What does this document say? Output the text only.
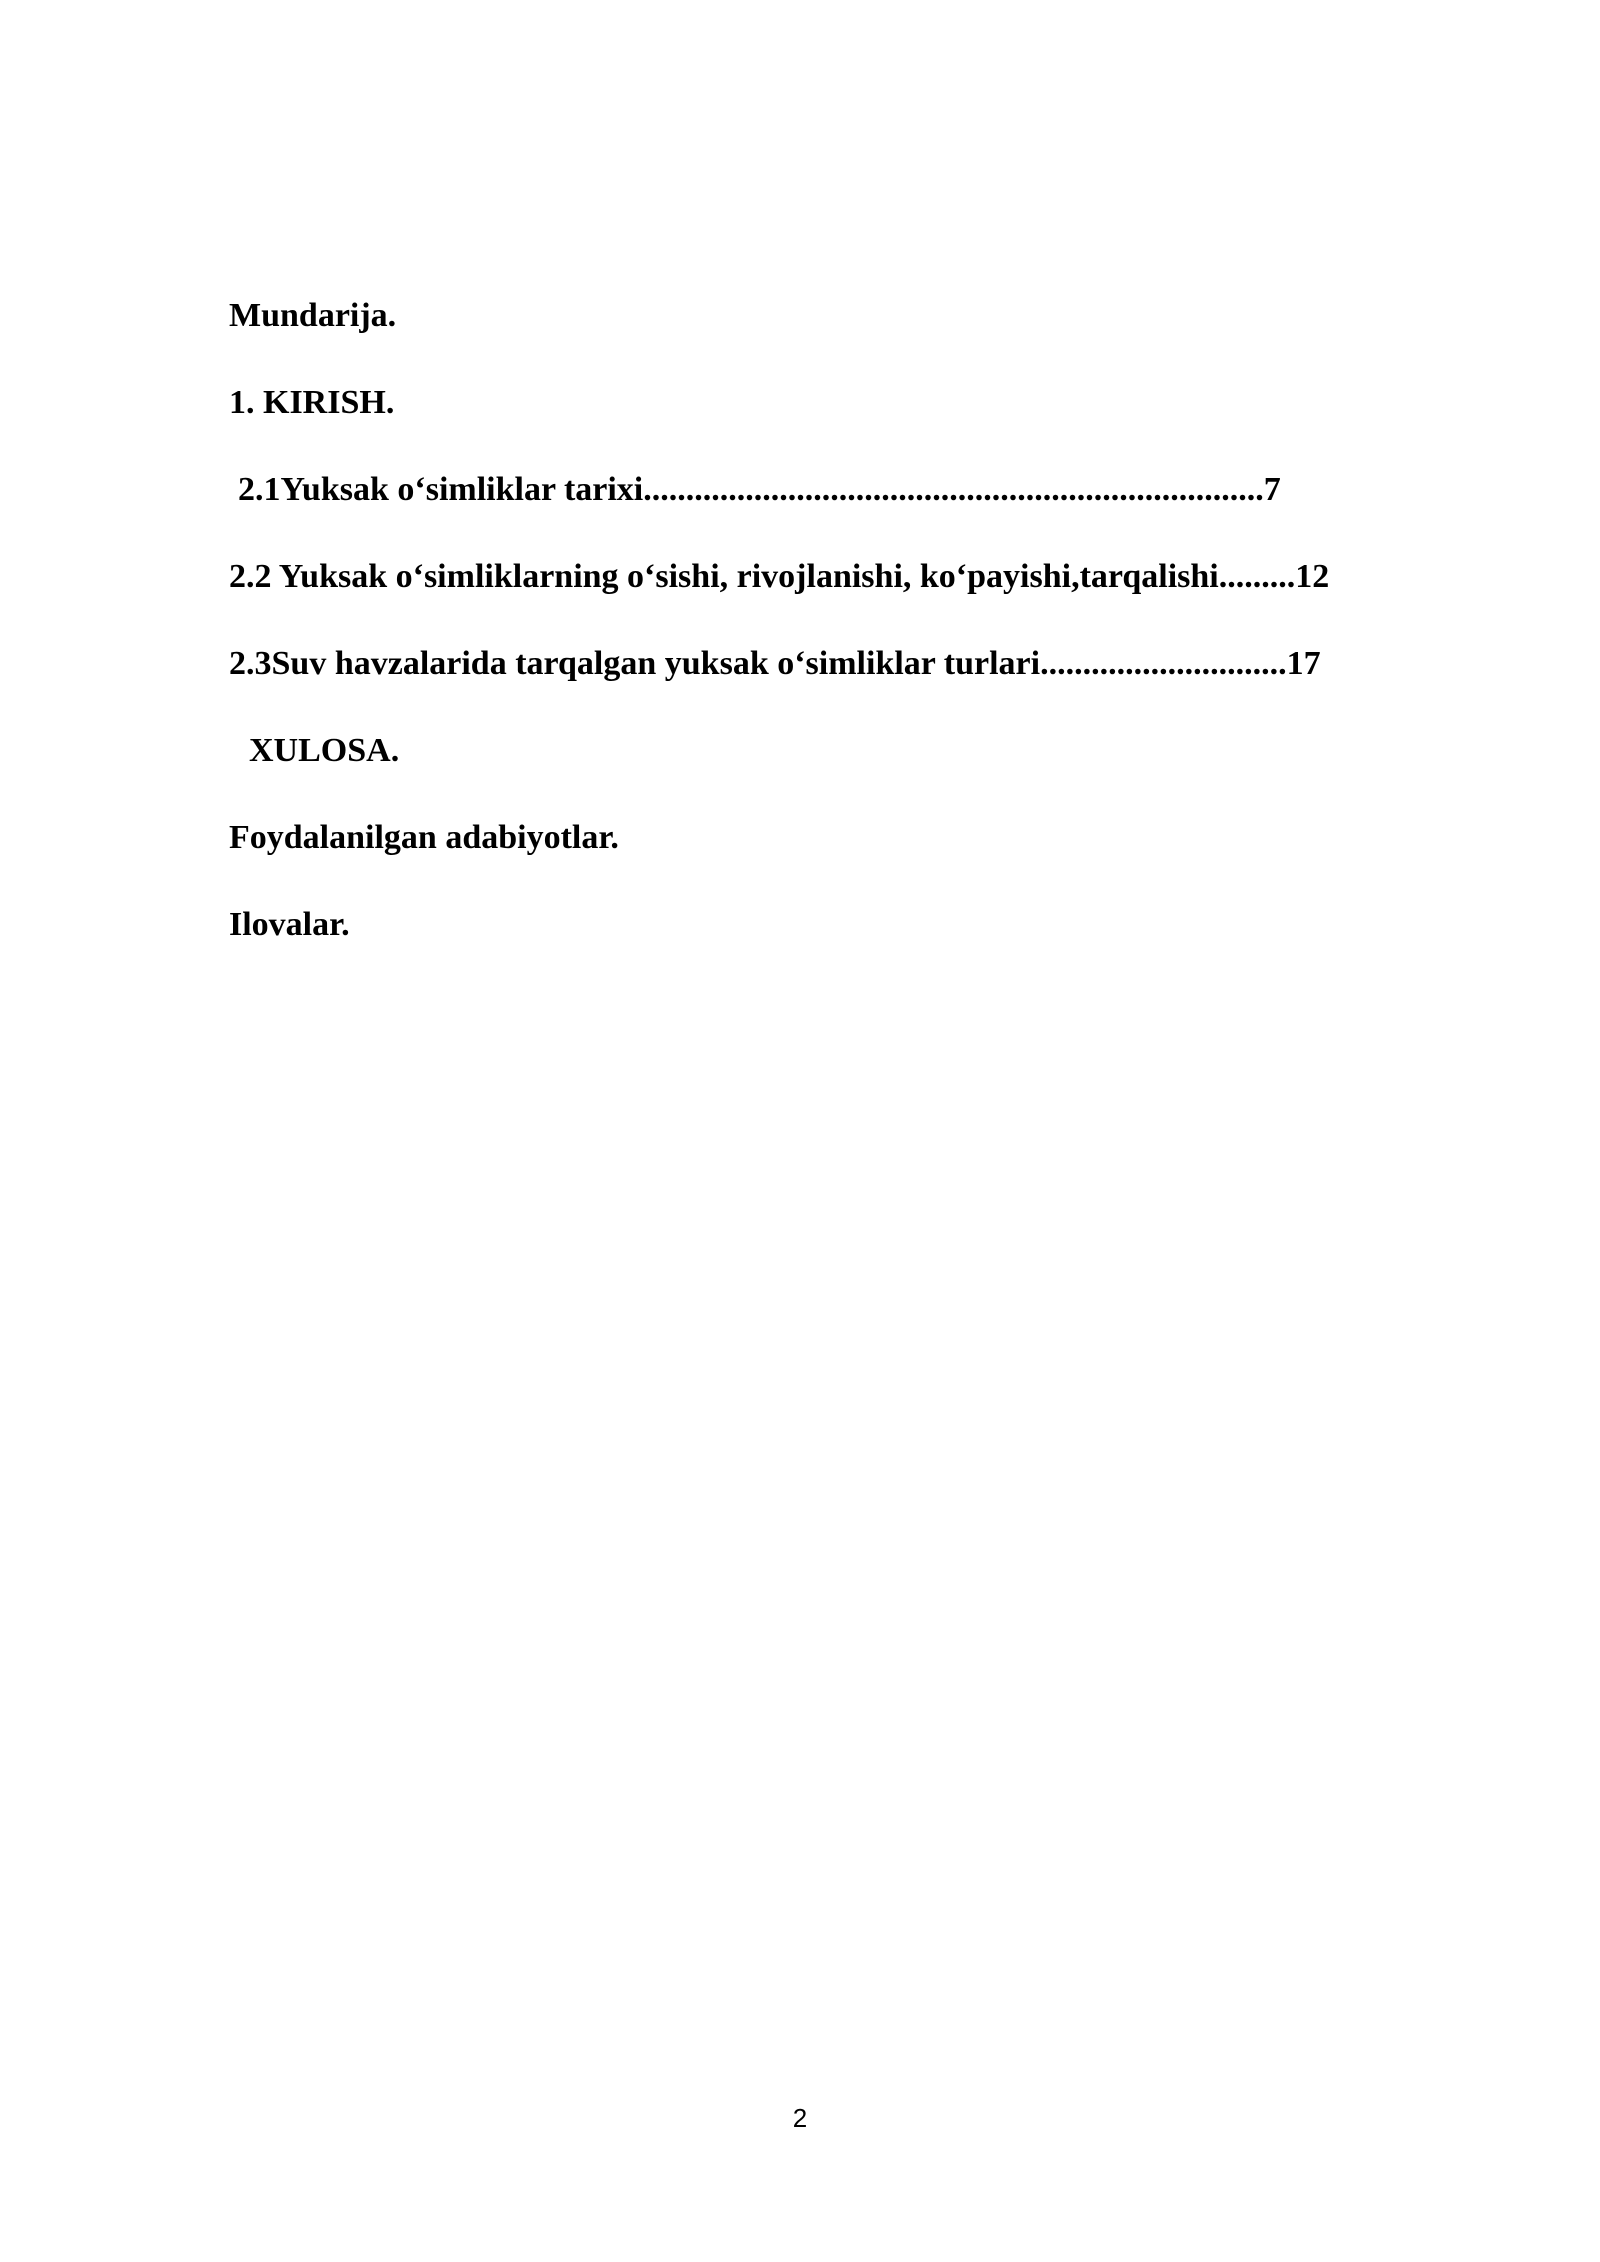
Mundarija.
1. KIRISH.
2.1Yuksak o‘simliklar tarixi.........................................................................7
2.2 Yuksak o‘simliklarning o‘sishi, rivojlanishi, ko‘payishi,tarqalishi.........12
2.3Suv havzalarida tarqalgan yuksak o‘simliklar turlari.............................17
XULOSA.
Foydalanilgan adabiyotlar.
Ilovalar.
2
